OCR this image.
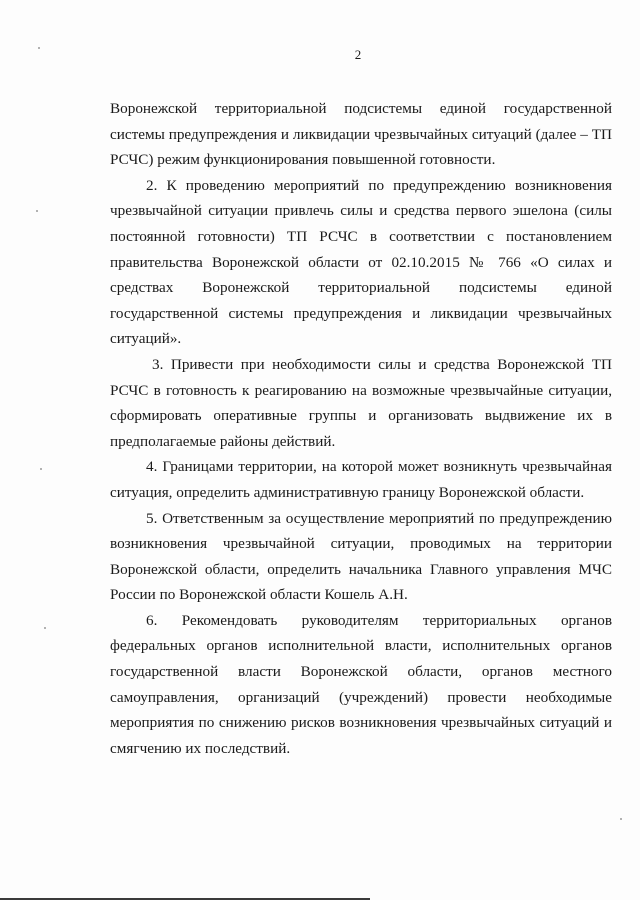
2

Воронежской территориальной подсистемы единой государственной системы предупреждения и ликвидации чрезвычайных ситуаций (далее – ТП РСЧС) режим функционирования повышенной готовности.

2. К проведению мероприятий по предупреждению возникновения чрезвычайной ситуации привлечь силы и средства первого эшелона (силы постоянной готовности) ТП РСЧС в соответствии с постановлением правительства Воронежской области от 02.10.2015 № 766 «О силах и средствах Воронежской территориальной подсистемы единой государственной системы предупреждения и ликвидации чрезвычайных ситуаций».

3. Привести при необходимости силы и средства Воронежской ТП РСЧС в готовность к реагированию на возможные чрезвычайные ситуации, сформировать оперативные группы и организовать выдвижение их в предполагаемые районы действий.

4. Границами территории, на которой может возникнуть чрезвычайная ситуация, определить административную границу Воронежской области.

5. Ответственным за осуществление мероприятий по предупреждению возникновения чрезвычайной ситуации, проводимых на территории Воронежской области, определить начальника Главного управления МЧС России по Воронежской области Кошель А.Н.

6. Рекомендовать руководителям территориальных органов федеральных органов исполнительной власти, исполнительных органов государственной власти Воронежской области, органов местного самоуправления, организаций (учреждений) провести необходимые мероприятия по снижению рисков возникновения чрезвычайных ситуаций и смягчению их последствий.
